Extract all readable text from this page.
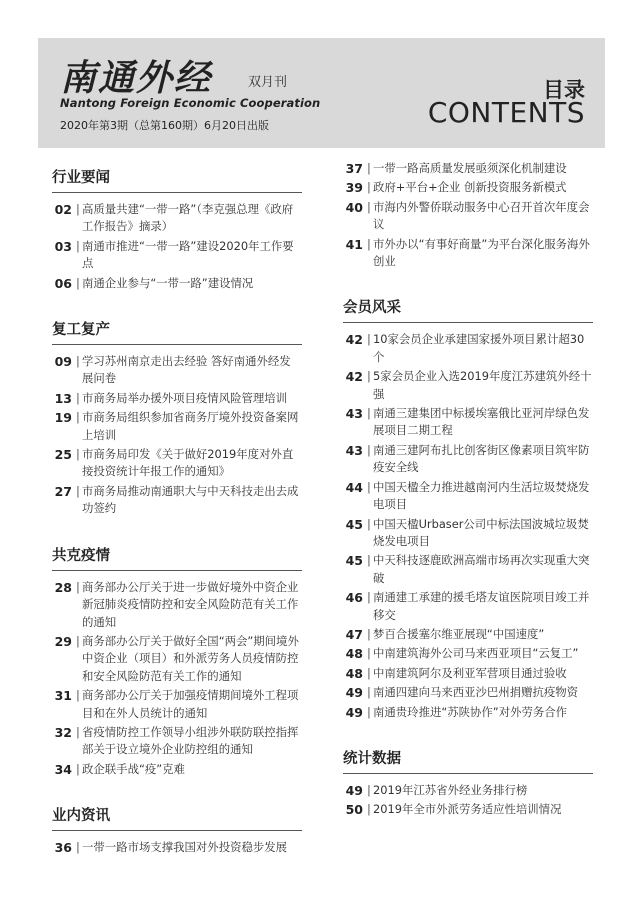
南通外经	双月刊
Nantong Foreign Economic Cooperation
2020年第3期（总第160期）6月20日出版
目录
CONTENTS
行业要闻
02 | 高质量共建“一带一路”（李克强总理《政府工作报告》摘录）
03 | 南通市推进“一带一路”建设2020年工作要点
06 | 南通企业参与“一带一路”建设情况
复工复产
09 | 学习苏州南京走出去经验 答好南通外经发展问卷
13 | 市商务局举办援外项目疫情风险管理培训
19 | 市商务局组织参加省商务厅境外投资备案网上培训
25 | 市商务局印发《关于做好2019年度对外直接投资统计年报工作的通知》
27 | 市商务局推动南通职大与中天科技走出去成功签约
共克疫情
28 | 商务部办公厅关于进一步做好境外中资企业新冠肺炎疫情防控和安全风险防范有关工作的通知
29 | 商务部办公厅关于做好全国“两会”期间境外中资企业（项目）和外派劳务人员疫情防控和安全风险防范有关工作的通知
31 | 商务部办公厅关于加强疫情期间境外工程项目和在外人员统计的通知
32 | 省疫情防控工作领导小组涉外联防联控指挥部关于设立境外企业防控组的通知
34 | 政企联手战“疫”克难
业内资讯
36 | 一带一路市场支撑我国对外投资稳步发展
37 | 一带一路高质量发展亟须深化机制建设
39 | 政府+平台+企业 创新投资服务新模式
40 | 市海内外警侨联动服务中心召开首次年度会议
41 | 市外办以“有事好商量”为平台深化服务海外创业
会员风采
42 | 10家会员企业承建国家援外项目累计超30个
42 | 5家会员企业入选2019年度江苏建筑外经十强
43 | 南通三建集团中标援埃塞俄比亚河岸绿色发展项目二期工程
43 | 南通三建阿布扎比创客街区像素项目筑牢防疫安全线
44 | 中国天楹全力推进越南河内生活垃圾焚烧发电项目
45 | 中国天楹Urbaser公司中标法国波城垃圾焚烧发电项目
45 | 中天科技逐鹿欧洲高端市场再次实现重大突破
46 | 南通建工承建的援毛塔友谊医院项目竣工并移交
47 | 梦百合援塞尔维亚展现“中国速度”
48 | 中南建筑海外公司马来西亚项目“云复工”
48 | 中南建筑阿尔及利亚军营项目通过验收
49 | 南通四建向马来西亚沙巴州捐赠抗疫物资
49 | 南通贵玲推进“苏陕协作”对外劳务合作
统计数据
49 | 2019年江苏省外经业务排行榜
50 | 2019年全市外派劳务适应性培训情况
